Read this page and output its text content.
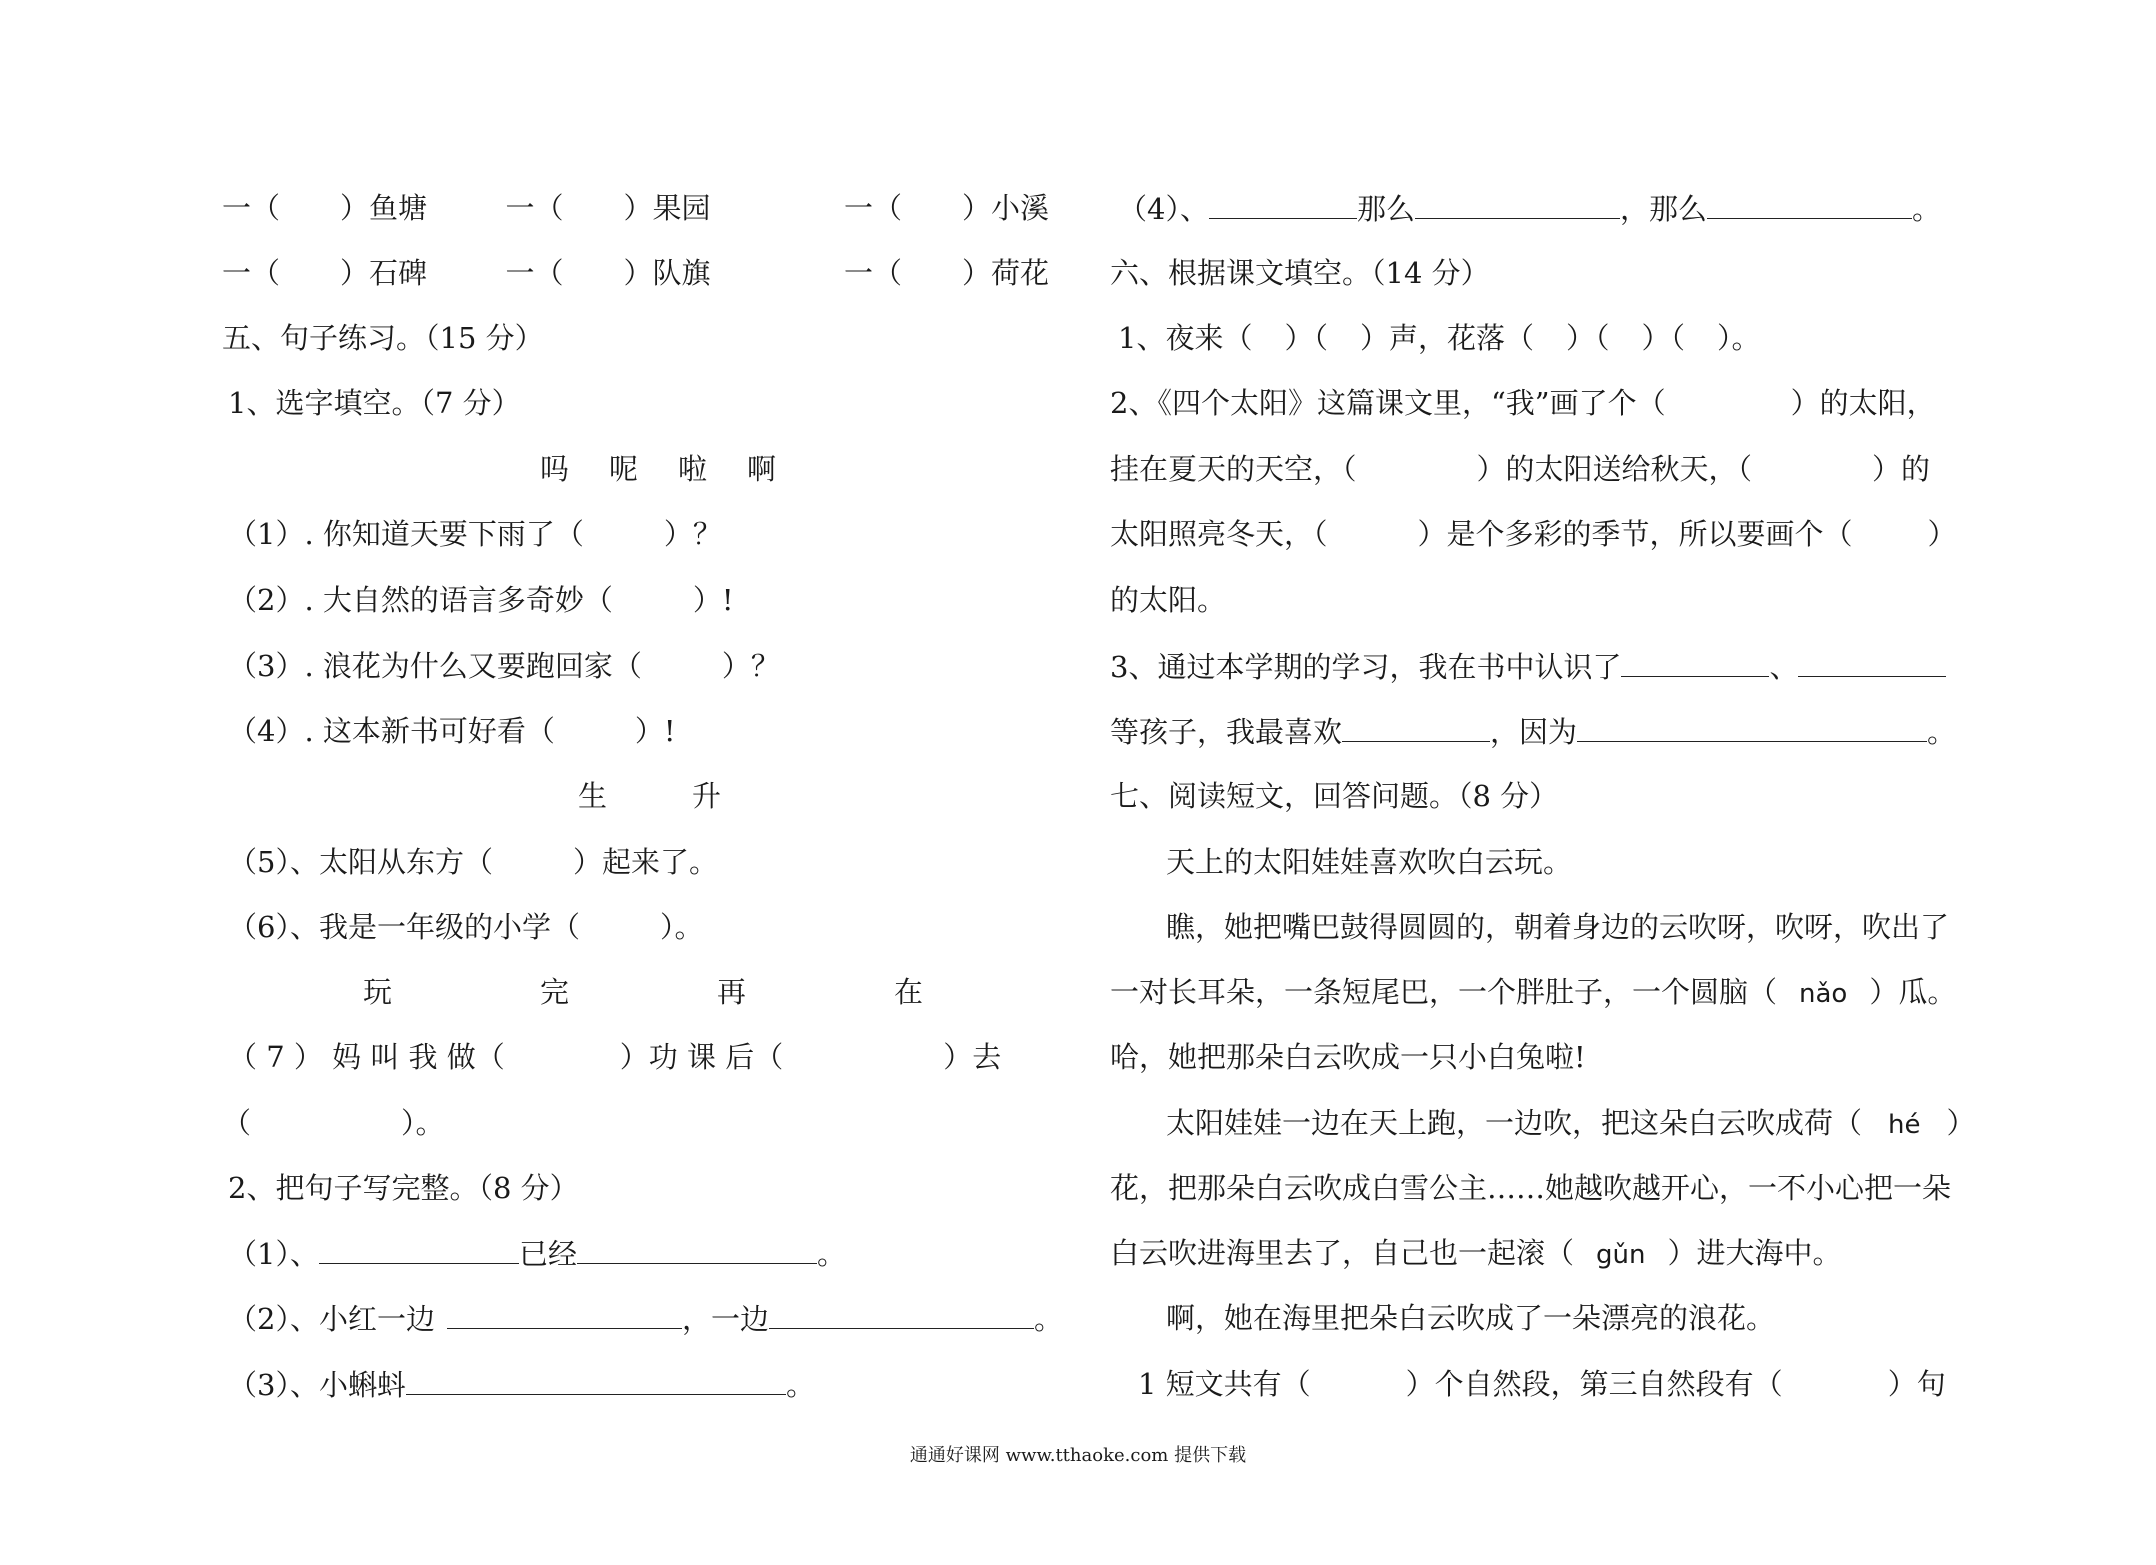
一（ ）鱼塘	一（ ）果园	一（ ）小溪
一（ ）石碑	一（ ）队旗	一（ ）荷花
五、句子练习。（15 分）
1、选字填空。（7 分）
吗 呢 啦 啊
（1）. 你知道天要下雨了（	）？
（2）. 大自然的语言多奇妙（	）!
（3）. 浪花为什么又要跑回家（	）？
（4）. 这本新书可好看（	）!
生	升
（5）、太阳从东方（	）起来了。
（6）、我是一年级的小学（	）。
玩	完	再	在
（ 7 ） 妈 叫 我 做（	）功 课 后（	）去
（	）。
2、把句子写完整。（8 分）
（1）、	已经	。
（2）、小红一边	，一边	。
（3）、小蝌蚪	。
（4）、	那么	，那么	。
六、根据课文填空。（14 分）
1、夜来（ ）（ ）声，花落（ ）（ ）（ ）。
2、《四个太阳》这篇课文里，“我”画了个（	）的太阳，
挂在夏天的天空，（	）的太阳送给秋天，（	）的
太阳照亮冬天，（	）是个多彩的季节，所以要画个（	）
的太阳。
3、通过本学期的学习，我在书中认识了	、
等孩子，我最喜欢	，因为	。
七、阅读短文，回答问题。（8 分）
天上的太阳娃娃喜欢吹白云玩。
瞧，她把嘴巴鼓得圆圆的，朝着身边的云吹呀，吹呀，吹出了
一对长耳朵，一条短尾巴，一个胖肚子，一个圆脑（ nǎo ）瓜。
哈，她把那朵白云吹成一只小白兔啦!
太阳娃娃一边在天上跑，一边吹，把这朵白云吹成荷（ hé ）
花，把那朵白云吹成白雪公主……她越吹越开心，一不小心把一朵
白云吹进海里去了，自己也一起滚（ gǔn ）进大海中。
啊，她在海里把朵白云吹成了一朵漂亮的浪花。
1 短文共有（	）个自然段，第三自然段有（	）句
通通好课网 www.tthaoke.com 提供下载
